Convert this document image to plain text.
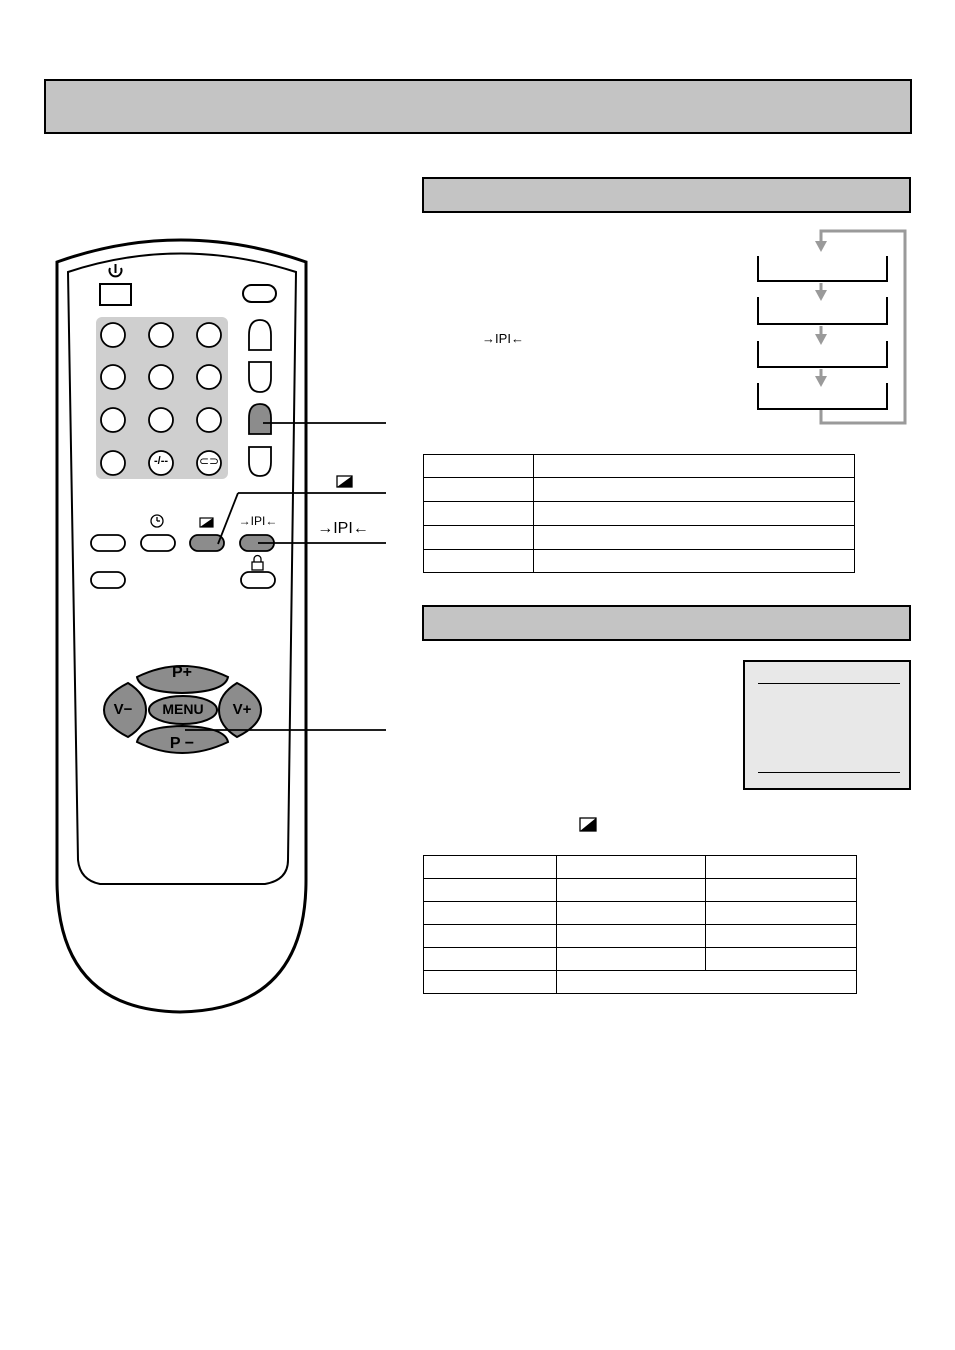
-/--	⊂⊃
→IPI←
P+
P −
V−	V+
MENU
→IPI←
→IPI←
